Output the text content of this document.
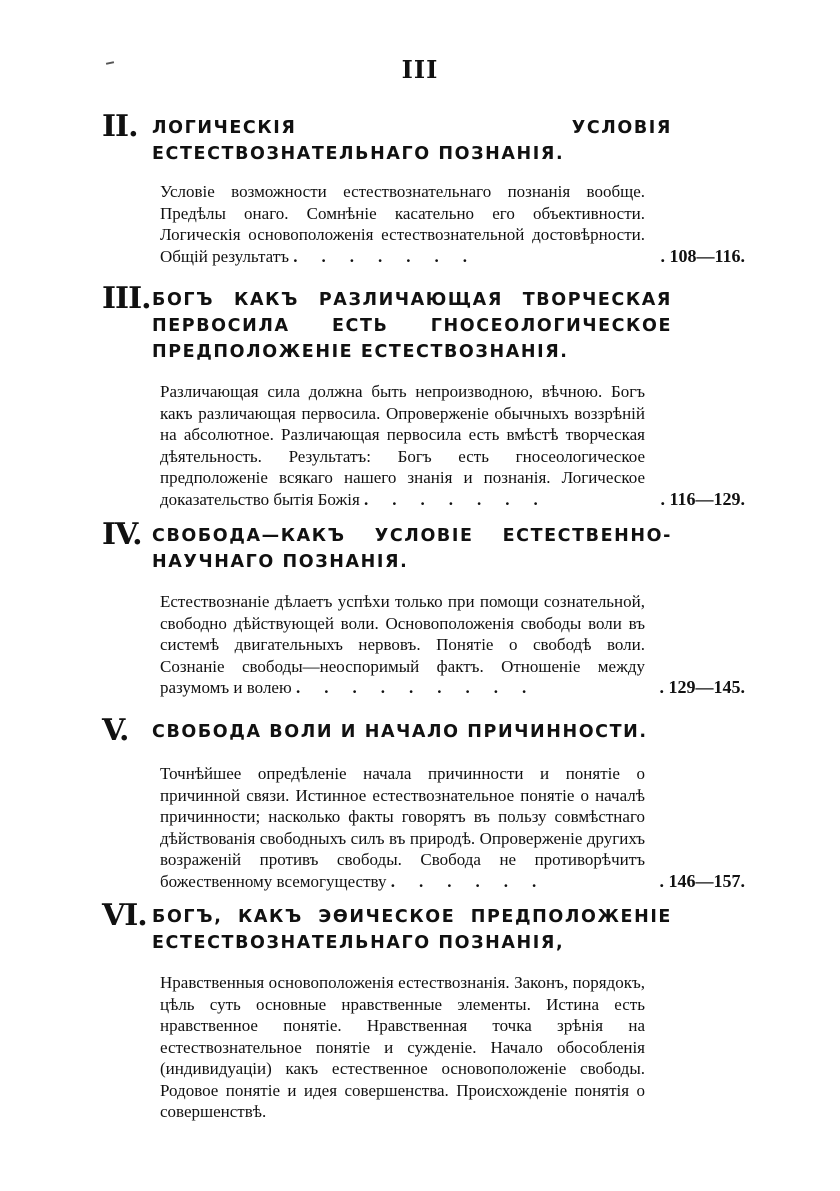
III
II. ЛОГИЧЕСКІЯ УСЛОВІЯ ЕСТЕСТВОЗНАТЕЛЬНАГО ПОЗНАНІЯ.
Условіе возможности естествознательнаго познанія вообще. Предѣлы онаго. Сомнѣніе касательно его объективности. Логическія основоположенія естествознательной достовѣрности. Общій результатъ .......	. 108—116.
III. БОГЪ КАКЪ РАЗЛИЧАЮЩАЯ ТВОРЧЕСКАЯ ПЕРВОСИЛА ЕСТЬ ГНОСЕОЛОГИЧЕСКОЕ ПРЕДПОЛОЖЕНІЕ ЕСТЕСТВОЗНАНІЯ.
Различающая сила должна быть непроизводною, вѣчною. Богъ какъ различающая первосила. Опроверженіе обычныхъ воззрѣній на абсолютное. Различающая первосила есть вмѣстѣ творческая дѣятельность. Результатъ: Богъ есть гносеологическое предположеніе всякаго нашего знанія и познанія. Логическое доказательство бытія Божія .......	. 116—129.
IV. СВОБОДА—КАКЪ УСЛОВІЕ ЕСТЕСТВЕННО-НАУЧНАГО ПОЗНАНІЯ.
Естествознаніе дѣлаетъ успѣхи только при помощи сознательной, свободно дѣйствующей воли. Основоположенія свободы воли въ системѣ двигательныхъ нервовъ. Понятіе о свободѣ воли. Сознаніе свободы—неоспоримый фактъ. Отношеніе между разумомъ и волею .........	. 129—145.
V. СВОБОДА ВОЛИ И НАЧАЛО ПРИЧИННОСТИ.
Точнѣйшее опредѣленіе начала причинности и понятіе о причинной связи. Истинное естествознательное понятіе о началѣ причинности; насколько факты говорятъ въ пользу совмѣстнаго дѣйствованія свободныхъ силъ въ природѣ. Опроверженіе другихъ возраженій противъ свободы. Свобода не противорѣчитъ божественному всемогуществу ......	. 146—157.
VI. БОГЪ, КАКЪ ЭѲИЧЕСКОЕ ПРЕДПОЛОЖЕНІЕ ЕСТЕСТВОЗНАТЕЛЬНАГО ПОЗНАНІЯ,
Нравственныя основоположенія естествознанія. Законъ, порядокъ, цѣль суть основные нравственные элементы. Истина есть нравственное понятіе. Нравственная точка зрѣнія на естествознательное понятіе и сужденіе. Начало обособленія (индивидуаціи) какъ естественное основоположеніе свободы. Родовое понятіе и идея совершенства. Происхожденіе понятія о совершенствѣ.
